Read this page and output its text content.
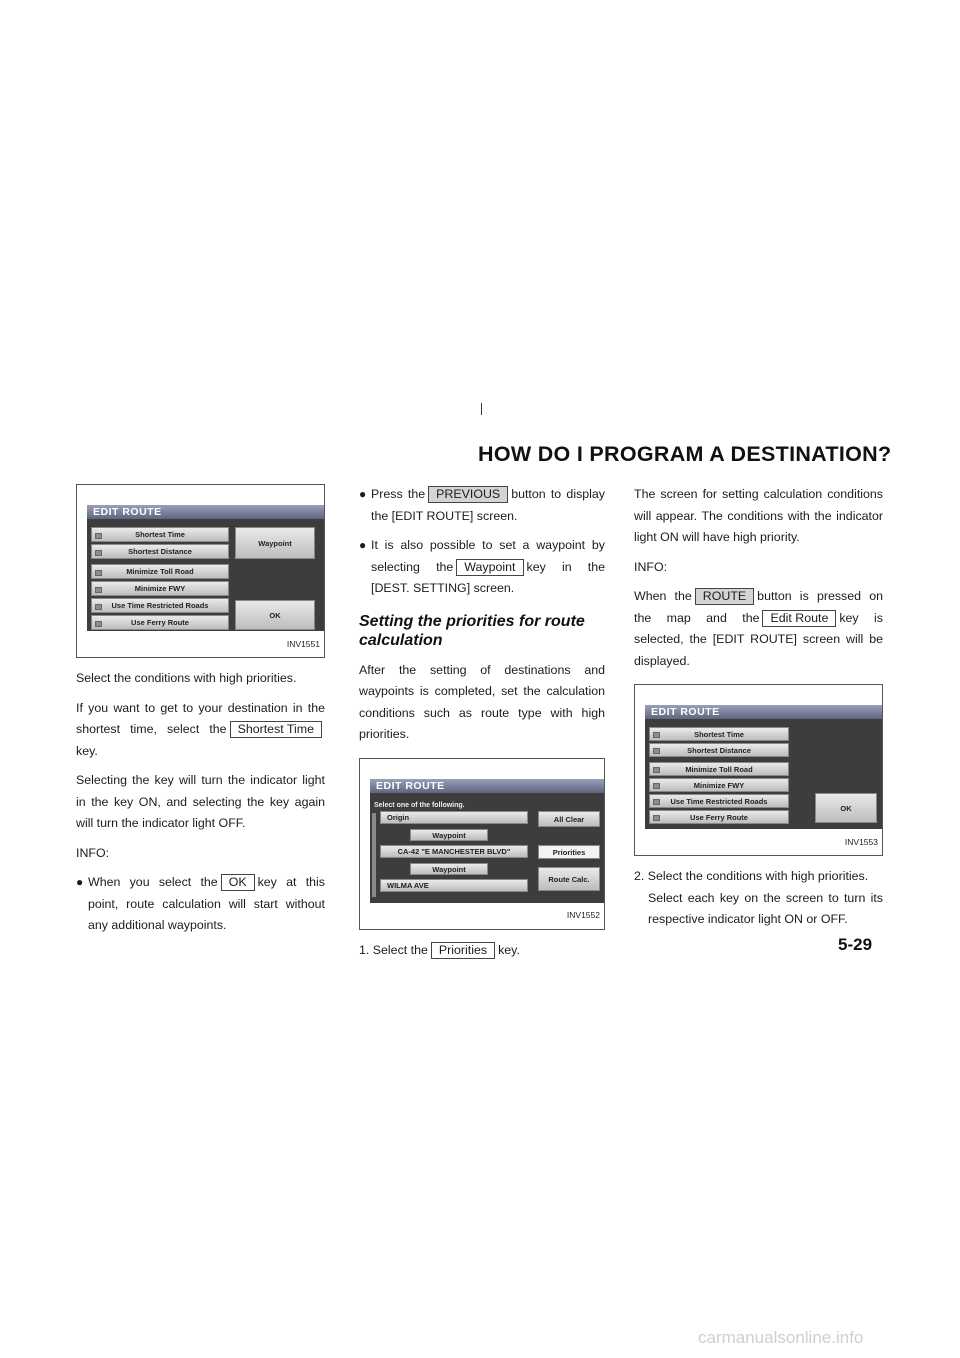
HOW DO I PROGRAM A DESTINATION?
EDIT ROUTE
Shortest Time
Shortest Distance
Minimize Toll Road
Minimize FWY
Use Time Restricted Roads
Use Ferry Route
Waypoint
OK
INV1551

Select the conditions with high priorities.

If you want to get to your destination in the shortest time, select the Shortest Timekey.

Selecting the key will turn the indicator light in the key ON, and selecting the key again will turn the indicator light OFF.

INFO:

● When you select the OK key at this point, route calculation will start without any additional waypoints.

● Press the PREVIOUS button to display the [EDIT ROUTE] screen.

● It is also possible to set a waypoint by selecting the Waypoint key in the [DEST. SETTING] screen.

Setting the priorities for route calculation

After the setting of destinations and waypoints is completed, set the calculation conditions such as route type with high priorities.

EDIT ROUTE
Select one of the following.
Origin
Waypoint
CA-42 "E MANCHESTER BLVD"
Waypoint
WILMA AVE
All Clear
Priorities
Route Calc.
INV1552

1. Select the Priorities key.

The screen for setting calculation conditions will appear. The conditions with the indicator light ON will have high priority.

INFO:

When the ROUTE button is pressed on the map and the Edit Route key is selected, the [EDIT ROUTE] screen will be displayed.

EDIT ROUTE
Shortest Time
Shortest Distance
Minimize Toll Road
Minimize FWY
Use Time Restricted Roads
Use Ferry Route
OK
INV1553

2. Select the conditions with high priorities.

Select each key on the screen to turn its respective indicator light ON or OFF.

5-29
carmanualsonline.info
